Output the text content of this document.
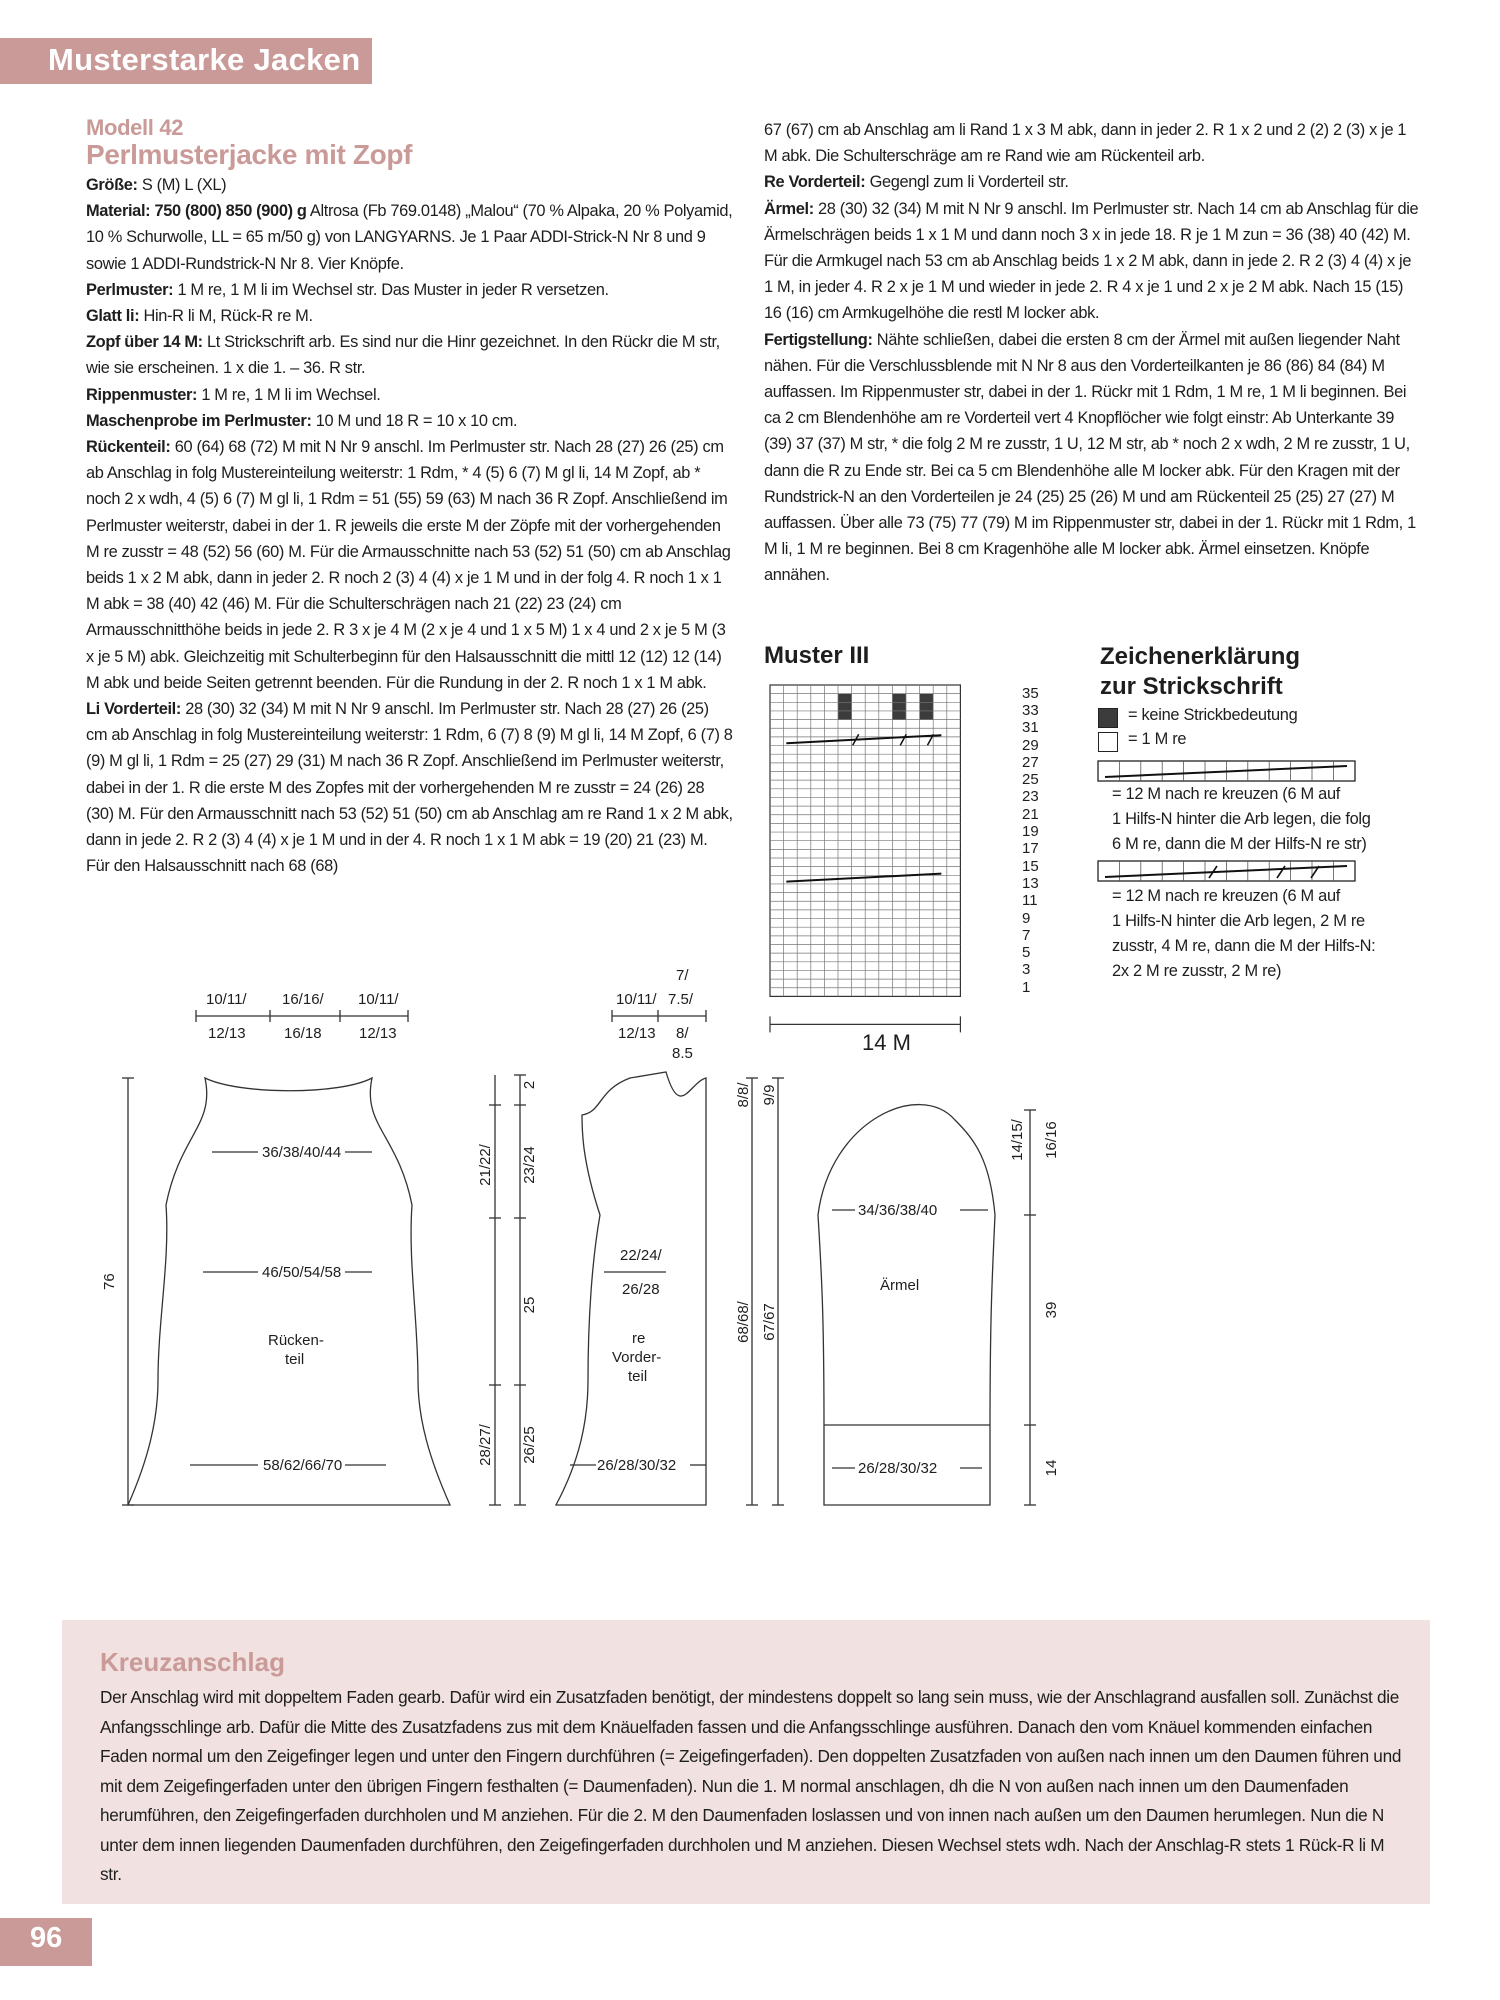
Musterstarke Jacken
Modell 42
Perlmusterjacke mit Zopf

Größe: S (M) L (XL)

Material: 750 (800) 850 (900) g Altrosa (Fb 769.0148) „Malou“ (70 % Alpaka, 20 % Polyamid, 10 % Schurwolle, LL = 65 m/50 g) von LANGYARNS. Je 1 Paar ADDI-Strick-N Nr 8 und 9 sowie 1 ADDI-Rundstrick-N Nr 8. Vier Knöpfe.

Perlmuster: 1 M re, 1 M li im Wechsel str. Das Muster in jeder R versetzen.

Glatt li: Hin-R li M, Rück-R re M.

Zopf über 14 M: Lt Strickschrift arb. Es sind nur die Hinr gezeichnet. In den Rückr die M str, wie sie erscheinen. 1 x die 1. – 36. R str.

Rippenmuster: 1 M re, 1 M li im Wechsel.

Maschenprobe im Perlmuster: 10 M und 18 R = 10 x 10 cm.

Rückenteil: 60 (64) 68 (72) M mit N Nr 9 anschl. Im Perlmuster str. Nach 28 (27) 26 (25) cm ab Anschlag in folg Mustereinteilung weiterstr: 1 Rdm, * 4 (5) 6 (7) M gl li, 14 M Zopf, ab * noch 2 x wdh, 4 (5) 6 (7) M gl li, 1 Rdm = 51 (55) 59 (63) M nach 36 R Zopf. Anschließend im Perlmuster weiterstr, dabei in der 1. R jeweils die erste M der Zöpfe mit der vorhergehenden M re zusstr = 48 (52) 56 (60) M. Für die Armausschnitte nach 53 (52) 51 (50) cm ab Anschlag beids 1 x 2 M abk, dann in jeder 2. R noch 2 (3) 4 (4) x je 1 M und in der folg 4. R noch 1 x 1 M abk = 38 (40) 42 (46) M. Für die Schulterschrägen nach 21 (22) 23 (24) cm Armausschnitthöhe beids in jede 2. R 3 x je 4 M (2 x je 4 und 1 x 5 M) 1 x 4 und 2 x je 5 M (3 x je 5 M) abk. Gleichzeitig mit Schulterbeginn für den Halsausschnitt die mittl 12 (12) 12 (14) M abk und beide Seiten getrennt beenden. Für die Rundung in der 2. R noch 1 x 1 M abk.

Li Vorderteil: 28 (30) 32 (34) M mit N Nr 9 anschl. Im Perlmuster str. Nach 28 (27) 26 (25) cm ab Anschlag in folg Mustereinteilung weiterstr: 1 Rdm, 6 (7) 8 (9) M gl li, 14 M Zopf, 6 (7) 8 (9) M gl li, 1 Rdm = 25 (27) 29 (31) M nach 36 R Zopf. Anschließend im Perlmuster weiterstr, dabei in der 1. R die erste M des Zopfes mit der vorhergehenden M re zusstr = 24 (26) 28 (30) M. Für den Armausschnitt nach 53 (52) 51 (50) cm ab Anschlag am re Rand 1 x 2 M abk, dann in jede 2. R 2 (3) 4 (4) x je 1 M und in der 4. R noch 1 x 1 M abk = 19 (20) 21 (23) M. Für den Halsausschnitt nach 68 (68)

67 (67) cm ab Anschlag am li Rand 1 x 3 M abk, dann in jeder 2. R 1 x 2 und 2 (2) 2 (3) x je 1 M abk. Die Schulterschräge am re Rand wie am Rückenteil arb.

Re Vorderteil: Gegengl zum li Vorderteil str.

Ärmel: 28 (30) 32 (34) M mit N Nr 9 anschl. Im Perlmuster str. Nach 14 cm ab Anschlag für die Ärmelschrägen beids 1 x 1 M und dann noch 3 x in jede 18. R je 1 M zun = 36 (38) 40 (42) M. Für die Armkugel nach 53 cm ab Anschlag beids 1 x 2 M abk, dann in jede 2. R 2 (3) 4 (4) x je 1 M, in jeder 4. R 2 x je 1 M und wieder in jede 2. R 4 x je 1 und 2 x je 2 M abk. Nach 15 (15) 16 (16) cm Armkugelhöhe die restl M locker abk.

Fertigstellung: Nähte schließen, dabei die ersten 8 cm der Ärmel mit außen liegender Naht nähen. Für die Verschlussblende mit N Nr 8 aus den Vorderteilkanten je 86 (86) 84 (84) M auffassen. Im Rippenmuster str, dabei in der 1. Rückr mit 1 Rdm, 1 M re, 1 M li beginnen. Bei ca 2 cm Blendenhöhe am re Vorderteil vert 4 Knopflöcher wie folgt einstr: Ab Unterkante 39 (39) 37 (37) M str, * die folg 2 M re zusstr, 1 U, 12 M str, ab * noch 2 x wdh, 2 M re zusstr, 1 U, dann die R zu Ende str. Bei ca 5 cm Blendenhöhe alle M locker abk. Für den Kragen mit der Rundstrick-N an den Vorderteilen je 24 (25) 25 (26) M und am Rückenteil 25 (25) 27 (27) M auffassen. Über alle 73 (75) 77 (79) M im Rippenmuster str, dabei in der 1. Rückr mit 1 Rdm, 1 M li, 1 M re beginnen. Bei 8 cm Kragenhöhe alle M locker abk. Ärmel einsetzen. Knöpfe annähen.

Muster III
1
3
5
7
9
11
13
15
17
19
21
23
25
27
29
31
33
35
14 M
Zeichenerklärung
zur Strickschrift
= keine Strickbedeutung
= 1 M re
= 12 M nach re kreuzen (6 M auf
1 Hilfs-N hinter die Arb legen, die folg
6 M re, dann die M der Hilfs-N re str)
= 12 M nach re kreuzen (6 M auf
1 Hilfs-N hinter die Arb legen, 2 M re
zusstr, 4 M re, dann die M der Hilfs-N:
2x 2 M re zusstr, 2 M re)
10/11/ 16/16/ 10/11/
12/13	16/18 12/13
36/38/40/44
46/50/54/58
58/62/66/70
Rücken-
teil
76
21/22/ 23/24
25
28/27/ 26/25
2
10/11/
7/
7.5/
12/13 8/
8.5
22/24/
26/28
re
Vorder-
teil
26/28/30/32
8/8/ 9/9
68/68/ 67/67
34/36/38/40
Ärmel
26/28/30/32
14/15/ 16/16
39
14
Kreuzanschlag
Der Anschlag wird mit doppeltem Faden gearb. Dafür wird ein Zusatzfaden benötigt, der mindestens doppelt so lang sein muss, wie der Anschlagrand ausfallen soll. Zunächst die Anfangsschlinge arb. Dafür die Mitte des Zusatzfadens zus mit dem Knäuelfaden fassen und die Anfangsschlinge ausführen. Danach den vom Knäuel kommenden einfachen Faden normal um den Zeigefinger legen und unter den Fingern durchführen (= Zeigefingerfaden). Den doppelten Zusatzfaden von außen nach innen um den Daumen führen und mit dem Zeigefingerfaden unter den übrigen Fingern festhalten (= Daumenfaden). Nun die 1. M normal anschlagen, dh die N von außen nach innen um den Daumenfaden herumführen, den Zeigefingerfaden durchholen und M anziehen. Für die 2. M den Daumenfaden loslassen und von innen nach außen um den Daumen herumlegen. Nun die N unter dem innen liegenden Daumenfaden durchführen, den Zeigefingerfaden durchholen und M anziehen. Diesen Wechsel stets wdh. Nach der Anschlag-R stets 1 Rück-R li M str.
96
